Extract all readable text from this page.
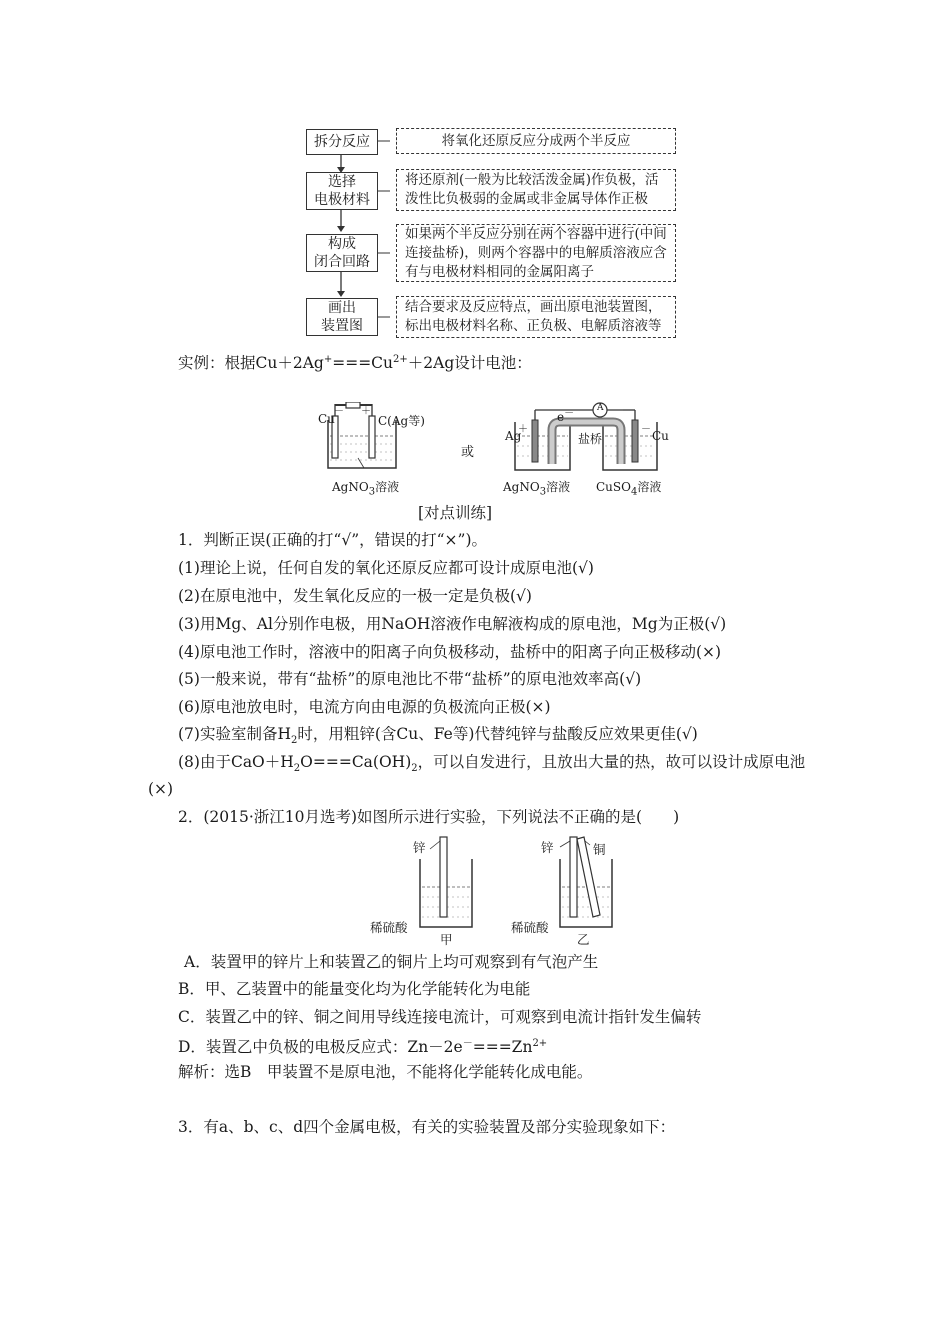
拆分反应	将氧化还原反应分成两个半反应
选择
电极材料
将还原剂(一般为比较活泼金属)作负极，活
泼性比负极弱的金属或非金属导体作正极
构成
闭合回路
如果两个半反应分别在两个容器中进行(中间
连接盐桥)，则两个容器中的电解质溶液应含
有与电极材料相同的金属阳离子
画出
装置图
结合要求及反应特点，画出原电池装置图，
标出电极材料名称、正负极、电解质溶液等
实例：根据$Cu+2Ag^+===Cu^{2+}+2Ag$设计电池：
Cu
－ ＋
C(Ag等)
AgNO$_3$溶液
或
e－	A
Ag
＋	－ Cu
盐桥
AgNO$_3$溶液 CuSO$_4$溶液
[对点训练]
1．判断正误(正确的打“√”，错误的打“×”)。
(1)理论上说，任何自发的氧化还原反应都可设计成原电池(√)
(2)在原电池中，发生氧化反应的一极一定是负极(√)
(3)用Mg、Al分别作电极，用NaOH溶液作电解液构成的原电池，Mg为正极(√)
(4)原电池工作时，溶液中的阳离子向负极移动，盐桥中的阳离子向正极移动(×)
(5)一般来说，带有“盐桥”的原电池比不带“盐桥”的原电池效率高(√)
(6)原电池放电时，电流方向由电源的负极流向正极(×)
(7)实验室制备$H_2$时，用粗锌(含Cu、Fe等)代替纯锌与盐酸反应效果更佳(√)
(8)由于$CaO+H_2O===Ca(OH)_2$，可以自发进行，且放出大量的热，故可以设计成原电池
(×)
2．(2015·浙江10月选考)如图所示进行实验，下列说法不正确的是(　　)
锌
稀硫酸
甲
锌	铜
稀硫酸
乙
A．装置甲的锌片上和装置乙的铜片上均可观察到有气泡产生
B．甲、乙装置中的能量变化均为化学能转化为电能
C．装置乙中的锌、铜之间用导线连接电流计，可观察到电流计指针发生偏转
D．装置乙中负极的电极反应式：$Zn-2e^-===Zn^{2+}$
解析：选B　甲装置不是原电池，不能将化学能转化成电能。
3．有a、b、c、d四个金属电极，有关的实验装置及部分实验现象如下：
